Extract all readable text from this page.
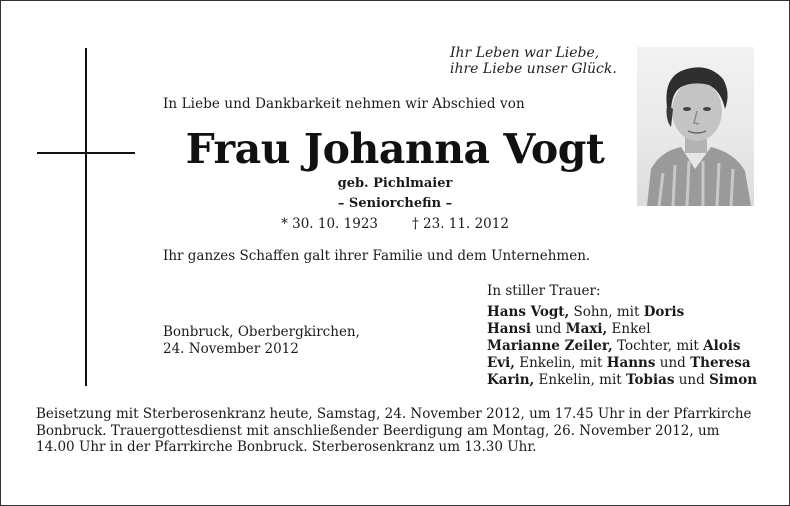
Ihr Leben war Liebe,
ihre Liebe unser Glück.
In Liebe und Dankbarkeit nehmen wir Abschied von
Frau Johanna Vogt
geb. Pichlmaier
– Seniorchefin –
* 30. 10. 1923	† 23. 11. 2012
Ihr ganzes Schaffen galt ihrer Familie und dem Unternehmen.
Bonbruck, Oberbergkirchen,
24. November 2012
In stiller Trauer:
Hans Vogt, Sohn, mit Doris
Hansi und Maxi, Enkel
Marianne Zeiler, Tochter, mit Alois
Evi, Enkelin, mit Hanns und Theresa
Karin, Enkelin, mit Tobias und Simon
Beisetzung mit Sterberosenkranz heute, Samstag, 24. November 2012, um 17.45 Uhr in der Pfarrkirche
Bonbruck. Trauergottesdienst mit anschließender Beerdigung am Montag, 26. November 2012, um
14.00 Uhr in der Pfarrkirche Bonbruck. Sterberosenkranz um 13.30 Uhr.
